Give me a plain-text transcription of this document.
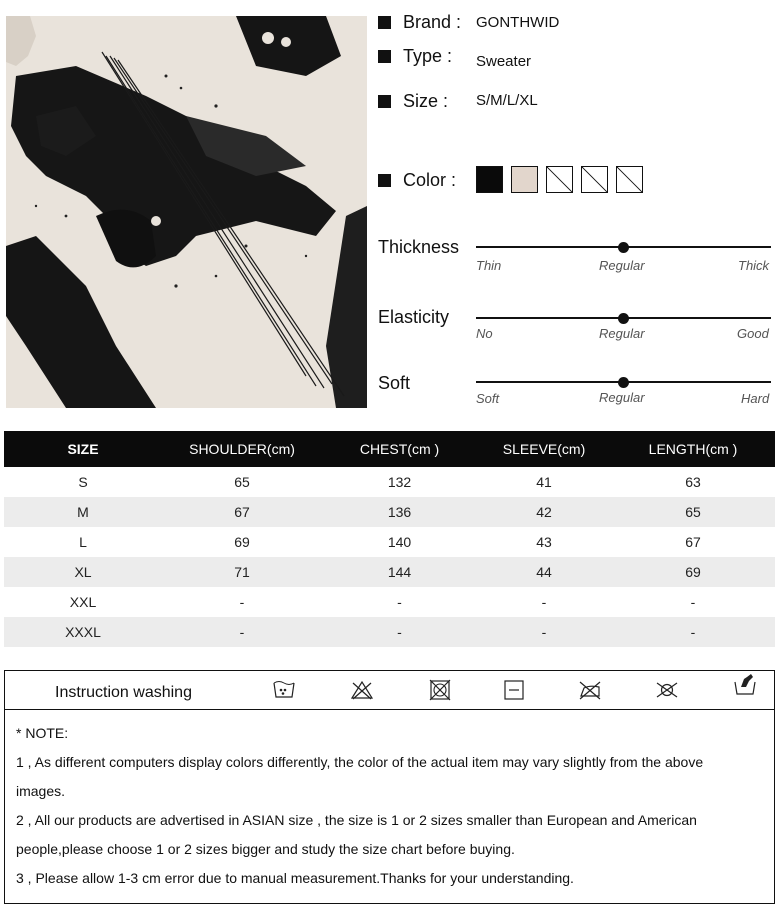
Brand : GONTHWID
Type : Sweater
Size : S/M/L/XL
Color :
Thickness
Thin	Regular	Thick
Elasticity
No	Regular	Good
Soft
Soft	Regular	Hard
SIZE	SHOULDER(cm)	CHEST(cm )	SLEEVE(cm)	LENGTH(cm )
S	65	132	41	63
M	67	136	42	65
L	69	140	43	67
XL	71	144	44	69
XXL	-	-	-	-
XXXL	-	-	-	-
Instruction washing
* NOTE:
1 , As different computers display colors differently, the color of the actual item may vary slightly from the above
images.
2 , All our products are advertised in ASIAN size , the size is 1 or 2 sizes smaller than European and American
people,please choose 1 or 2 sizes bigger and study the size chart before buying.
3 , Please allow 1-3 cm error due to manual measurement.Thanks for your understanding.
